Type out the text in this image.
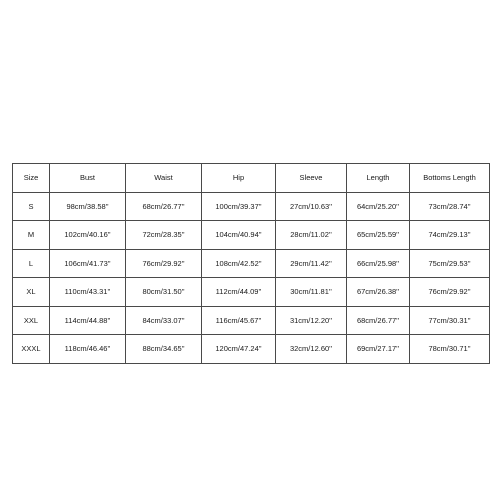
Size	Bust	Waist	Hip	Sleeve	Length	Bottoms Length
S	98cm/38.58''	68cm/26.77''	100cm/39.37''	27cm/10.63''	64cm/25.20''	73cm/28.74''
M	102cm/40.16''	72cm/28.35''	104cm/40.94''	28cm/11.02''	65cm/25.59''	74cm/29.13''
L	106cm/41.73''	76cm/29.92''	108cm/42.52''	29cm/11.42''	66cm/25.98''	75cm/29.53''
XL	110cm/43.31''	80cm/31.50''	112cm/44.09''	30cm/11.81''	67cm/26.38''	76cm/29.92''
XXL	114cm/44.88''	84cm/33.07''	116cm/45.67''	31cm/12.20''	68cm/26.77''	77cm/30.31''
XXXL	118cm/46.46''	88cm/34.65''	120cm/47.24''	32cm/12.60''	69cm/27.17''	78cm/30.71''
